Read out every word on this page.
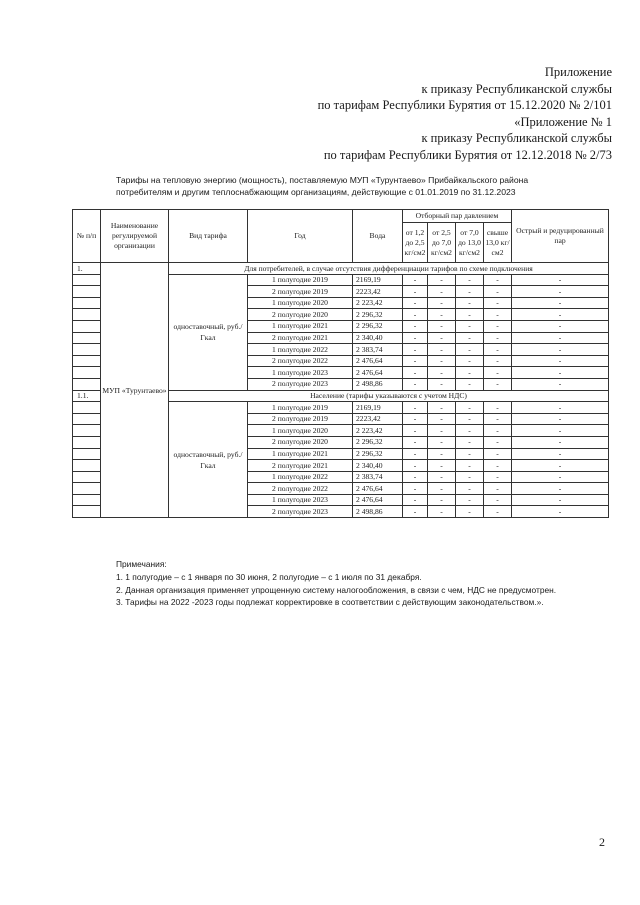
Приложение
к приказу Республиканской службы
по тарифам Республики Бурятия от 15.12.2020 № 2/101
«Приложение № 1
к приказу Республиканской службы
по тарифам Республики Бурятия от 12.12.2018 № 2/73
Тарифы на тепловую энергию (мощность), поставляемую МУП «Турунтаево» Прибайкальского района потребителям и другим теплоснабжающим организациям, действующие с 01.01.2019 по 31.12.2023
№ п/п	Наименование регулируемой организации	Вид тарифа	Год	Вода	Отборный пар давлением				Острый и редуцированный пар
					от 1,2 до 2,5 кг/см2	от 2,5 до 7,0 кг/см2	от 7,0 до 13,0 кг/см2	свыше 13,0 кг/см2	
1.	МУП «Турунтаево»	Для потребителей, в случае отсутствия дифференциации тарифов по схеме подключения							
		одноставочный, руб./Гкал	1 полугодие 2019	2169,19	-	-	-	-	-
			2 полугодие 2019	2223,42	-	-	-	-	-
			1 полугодие 2020	2 223,42	-	-	-	-	-
			2 полугодие 2020	2 296,32	-	-	-	-	-
			1 полугодие 2021	2 296,32	-	-	-	-	-
			2 полугодие 2021	2 340,40	-	-	-	-	-
			1 полугодие 2022	2 383,74	-	-	-	-	-
			2 полугодие 2022	2 476,64	-	-	-	-	-
			1 полугодие 2023	2 476,64	-	-	-	-	-
			2 полугодие 2023	2 498,86	-	-	-	-	-
1.1.		Население (тарифы указываются с учетом НДС)							
		одноставочный, руб./Гкал	1 полугодие 2019	2169,19	-	-	-	-	-
			2 полугодие 2019	2223,42	-	-	-	-	-
			1 полугодие 2020	2 223,42	-	-	-	-	-
			2 полугодие 2020	2 296,32	-	-	-	-	-
			1 полугодие 2021	2 296,32	-	-	-	-	-
			2 полугодие 2021	2 340,40	-	-	-	-	-
			1 полугодие 2022	2 383,74	-	-	-	-	-
			2 полугодие 2022	2 476,64	-	-	-	-	-
			1 полугодие 2023	2 476,64	-	-	-	-	-
			2 полугодие 2023	2 498,86	-	-	-	-	-

Примечания:

1. 1 полугодие – с 1 января по 30 июня, 2 полугодие – с 1 июля по 31 декабря.

2. Данная организация применяет упрощенную систему налогообложения, в связи с чем, НДС не предусмотрен.

3. Тарифы на 2022 -2023 годы подлежат корректировке в соответствии с действующим законодательством.».

2
